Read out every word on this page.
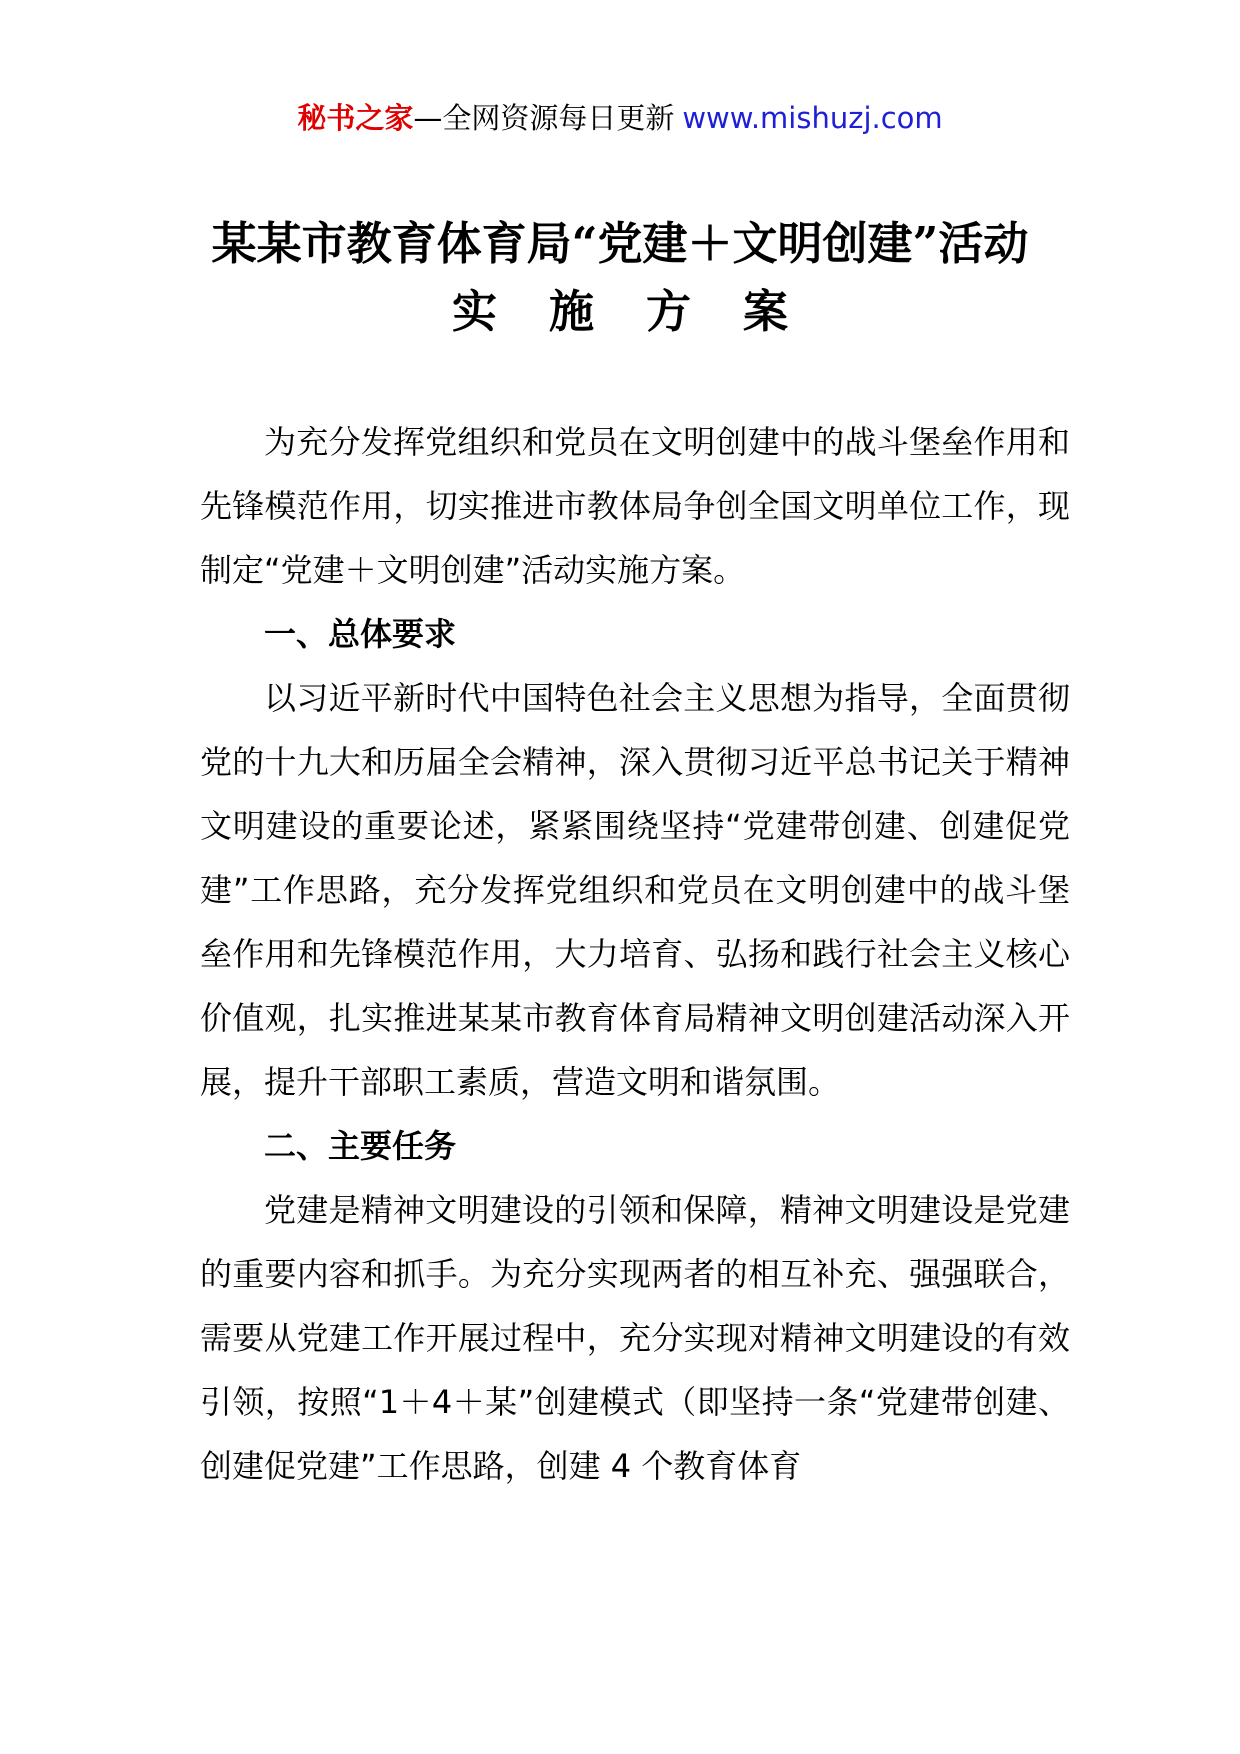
秘书之家—全网资源每日更新 www.mishuzj.com
某某市教育体育局“党建＋文明创建”活动
实施方案

为充分发挥党组织和党员在文明创建中的战斗堡垒作用和先锋模范作用，切实推进市教体局争创全国文明单位工作，现制定“党建＋文明创建”活动实施方案。

一、总体要求

以习近平新时代中国特色社会主义思想为指导，全面贯彻党的十九大和历届全会精神，深入贯彻习近平总书记关于精神文明建设的重要论述，紧紧围绕坚持“党建带创建、创建促党建”工作思路，充分发挥党组织和党员在文明创建中的战斗堡垒作用和先锋模范作用，大力培育、弘扬和践行社会主义核心价值观，扎实推进某某市教育体育局精神文明创建活动深入开展，提升干部职工素质，营造文明和谐氛围。

二、主要任务

党建是精神文明建设的引领和保障，精神文明建设是党建的重要内容和抓手。为充分实现两者的相互补充、强强联合，需要从党建工作开展过程中，充分实现对精神文明建设的有效引领，按照“1＋4＋某”创建模式（即坚持一条“党建带创建、创建促党建”工作思路，创建 4 个教育体育
